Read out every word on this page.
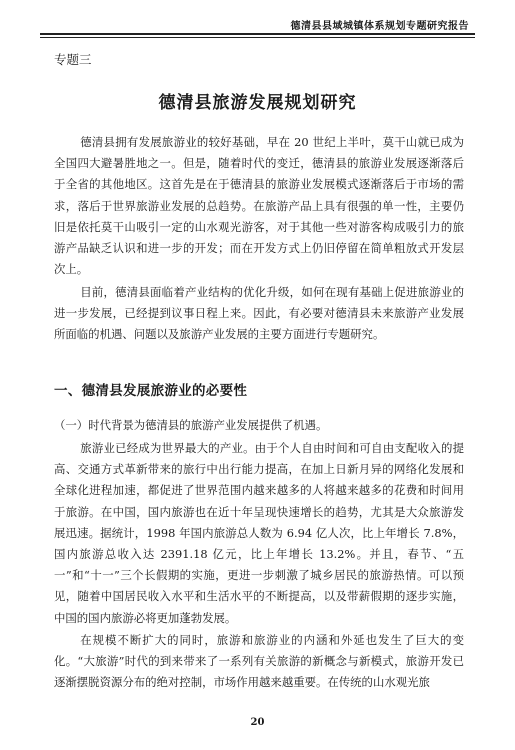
德清县县域城镇体系规划专题研究报告
专题三
德清县旅游发展规划研究

德清县拥有发展旅游业的较好基础，早在 20 世纪上半叶，莫干山就已成为全国四大避暑胜地之一。但是，随着时代的变迁，德清县的旅游业发展逐渐落后于全省的其他地区。这首先是在于德清县的旅游业发展模式逐渐落后于市场的需求，落后于世界旅游业发展的总趋势。在旅游产品上具有很强的单一性，主要仍旧是依托莫干山吸引一定的山水观光游客，对于其他一些对游客构成吸引力的旅游产品缺乏认识和进一步的开发；而在开发方式上仍旧停留在简单粗放式开发层次上。

目前，德清县面临着产业结构的优化升级，如何在现有基础上促进旅游业的进一步发展，已经提到议事日程上来。因此，有必要对德清县未来旅游产业发展所面临的机遇、问题以及旅游产业发展的主要方面进行专题研究。

一、德清县发展旅游业的必要性

（一）时代背景为德清县的旅游产业发展提供了机遇。

旅游业已经成为世界最大的产业。由于个人自由时间和可自由支配收入的提高、交通方式革新带来的旅行中出行能力提高，在加上日新月异的网络化发展和全球化进程加速，都促进了世界范围内越来越多的人将越来越多的花费和时间用于旅游。在中国，国内旅游也在近十年呈现快速增长的趋势，尤其是大众旅游发展迅速。据统计，1998 年国内旅游总人数为 6.94 亿人次，比上年增长 7.8%，国内旅游总收入达 2391.18 亿元，比上年增长 13.2%。并且，春节、“五一”和“十一”三个长假期的实施，更进一步刺激了城乡居民的旅游热情。可以预见，随着中国居民收入水平和生活水平的不断提高，以及带薪假期的逐步实施，中国的国内旅游必将更加蓬勃发展。

在规模不断扩大的同时，旅游和旅游业的内涵和外延也发生了巨大的变化。“大旅游”时代的到来带来了一系列有关旅游的新概念与新模式，旅游开发已逐渐摆脱资源分布的绝对控制，市场作用越来越重要。在传统的山水观光旅

20
